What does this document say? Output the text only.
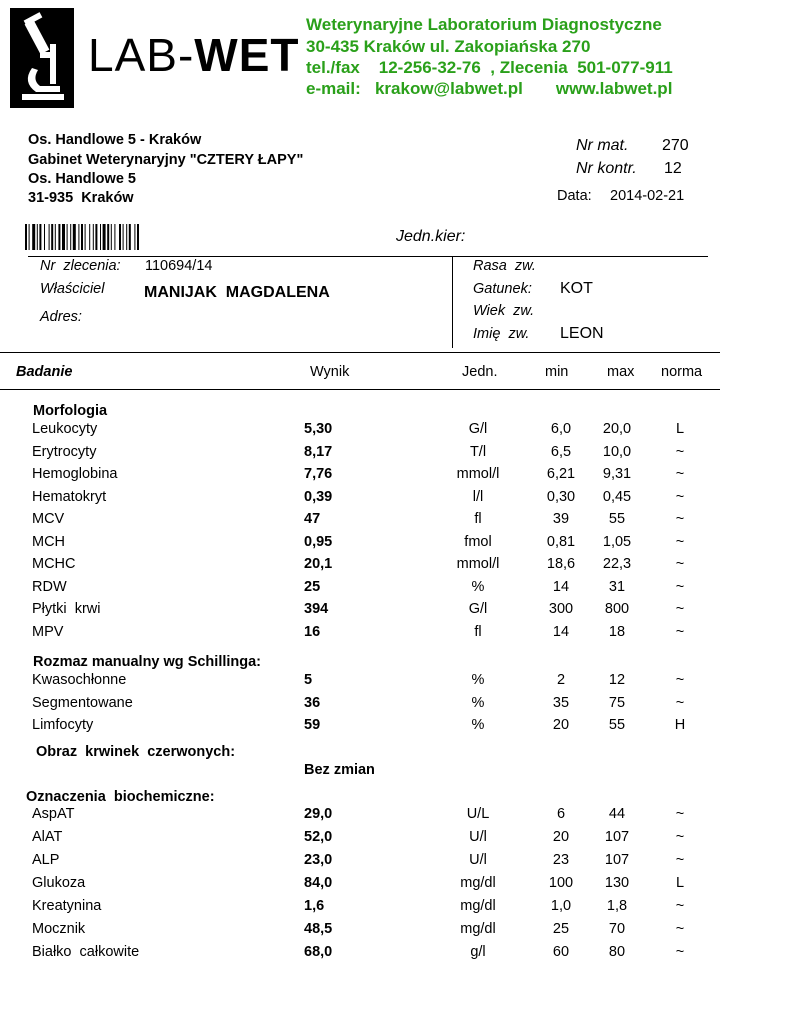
LAB-WET
Weterynaryjne Laboratorium Diagnostyczne
30-435 Kraków ul. Zakopiańska 270
tel./fax    12-256-32-76  , Zlecenia  501-077-911
e-mail:   krakow@labwet.pl       www.labwet.pl
Os. Handlowe 5 - Kraków
Gabinet Weterynaryjny "CZTERY ŁAPY"
Os. Handlowe 5
31-935  Kraków
Nr mat. 270
Nr kontr. 12
Data: 2014-02-21
Jedn.kier:
Nr  zlecenia: 110694/14
Właściciel MANIJAK  MAGDALENA
Adres:
Rasa  zw.
Gatunek: KOT
Wiek  zw.
Imię  zw. LEON
Badanie	Wynik	Jedn.	min	max norma
Morfologia
Leukocyty	5,30	G/l	6,0	20,0	L
Erytrocyty	8,17	T/l	6,5	10,0	~
Hemoglobina	7,76	mmol/l	6,21	9,31	~
Hematokryt	0,39	l/l	0,30	0,45	~
MCV	47	fl	39	55	~
MCH	0,95	fmol	0,81	1,05	~
MCHC	20,1	mmol/l	18,6	22,3	~
RDW	25	%	14	31	~
Płytki  krwi	394	G/l	300	800	~
MPV	16	fl	14	18	~
Rozmaz manualny wg Schillinga:
Kwasochłonne	5	%	2	12	~
Segmentowane	36	%	35	75	~
Limfocyty	59	%	20	55	H
Obraz  krwinek  czerwonych:
Bez zmian
Oznaczenia  biochemiczne:
AspAT	29,0	U/L	6	44	~
AlAT	52,0	U/l	20	107	~
ALP	23,0	U/l	23	107	~
Glukoza	84,0	mg/dl	100	130	L
Kreatynina	1,6	mg/dl	1,0	1,8	~
Mocznik	48,5	mg/dl	25	70	~
Białko  całkowite	68,0	g/l	60	80	~
